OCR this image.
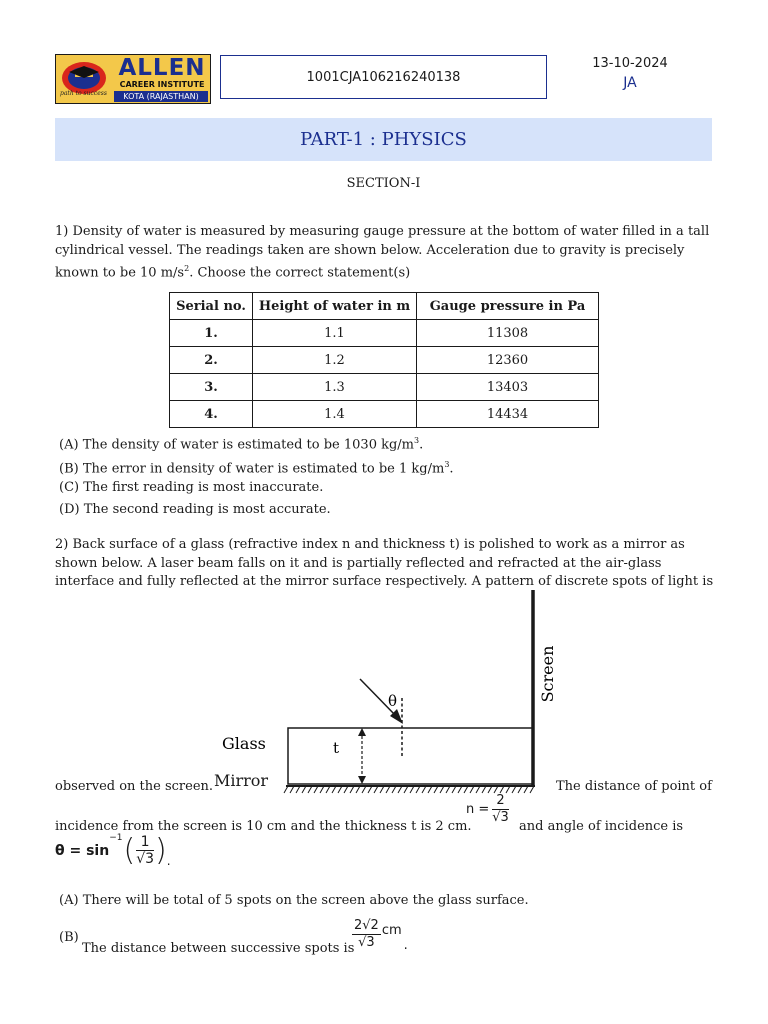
ALLEN
CAREER INSTITUTE
KOTA (RAJASTHAN)
path to success
1001CJA106216240138
13-10-2024
JA
PART-1 : PHYSICS
SECTION-I
1) Density of water is measured by measuring gauge pressure at the bottom of water filled in a tall
cylindrical vessel. The readings taken are shown below. Acceleration due to gravity is precisely
known to be 10 $m/s^2$. Choose the correct statement(s)
Serial no.	Height of water in m	Gauge pressure in Pa
1.	1.1	11308
2.	1.2	12360
3.	1.3	13403
4.	1.4	14434
(A) The density of water is estimated to be 1030 $kg/m^3$.
(B) The error in density of water is estimated to be 1 $kg/m^3$.
(C) The first reading is most inaccurate.
(D) The second reading is most accurate.
2) Back surface of a glass (refractive index n and thickness t) is polished to work as a mirror as
shown below. A laser beam falls on it and is partially reflected and refracted at the air-glass
interface and fully reflected at the mirror surface respectively. A pattern of discrete spots of light is
Screen
Glass	t
θ
Mirror
observed on the screen.	The distance of point of
$n = \frac{2}{√3}$
incidence from the screen is 10 cm and the thickness t is 2 cm.	and angle of incidence is
θ = sin
$^{-1}$ ( $\frac{1}{√3}$ ) .
(A) There will be total of 5 spots on the screen above the glass surface.
(B)
The distance between successive spots is
$\frac{2√2}{√3}$ cm
.
